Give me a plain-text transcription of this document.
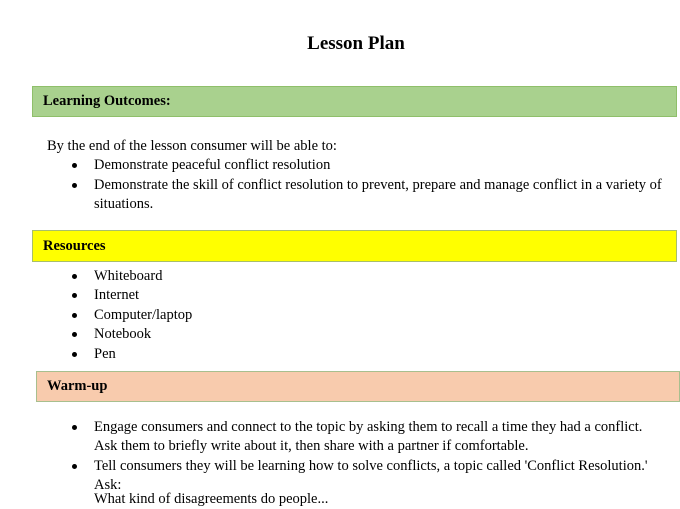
Lesson Plan
Learning Outcomes:
By the end of the lesson consumer will be able to:
Demonstrate peaceful conflict resolution
Demonstrate the skill of conflict resolution to prevent, prepare and manage conflict in a variety of situations.
Resources
Whiteboard
Internet
Computer/laptop
Notebook
Pen
Warm-up
Engage consumers and connect to the topic by asking them to recall a time they had a conflict. Ask them to briefly write about it, then share with a partner if comfortable.
Tell consumers they will be learning how to solve conflicts, a topic called 'Conflict Resolution.' Ask:
What kind of disagreements do people...
